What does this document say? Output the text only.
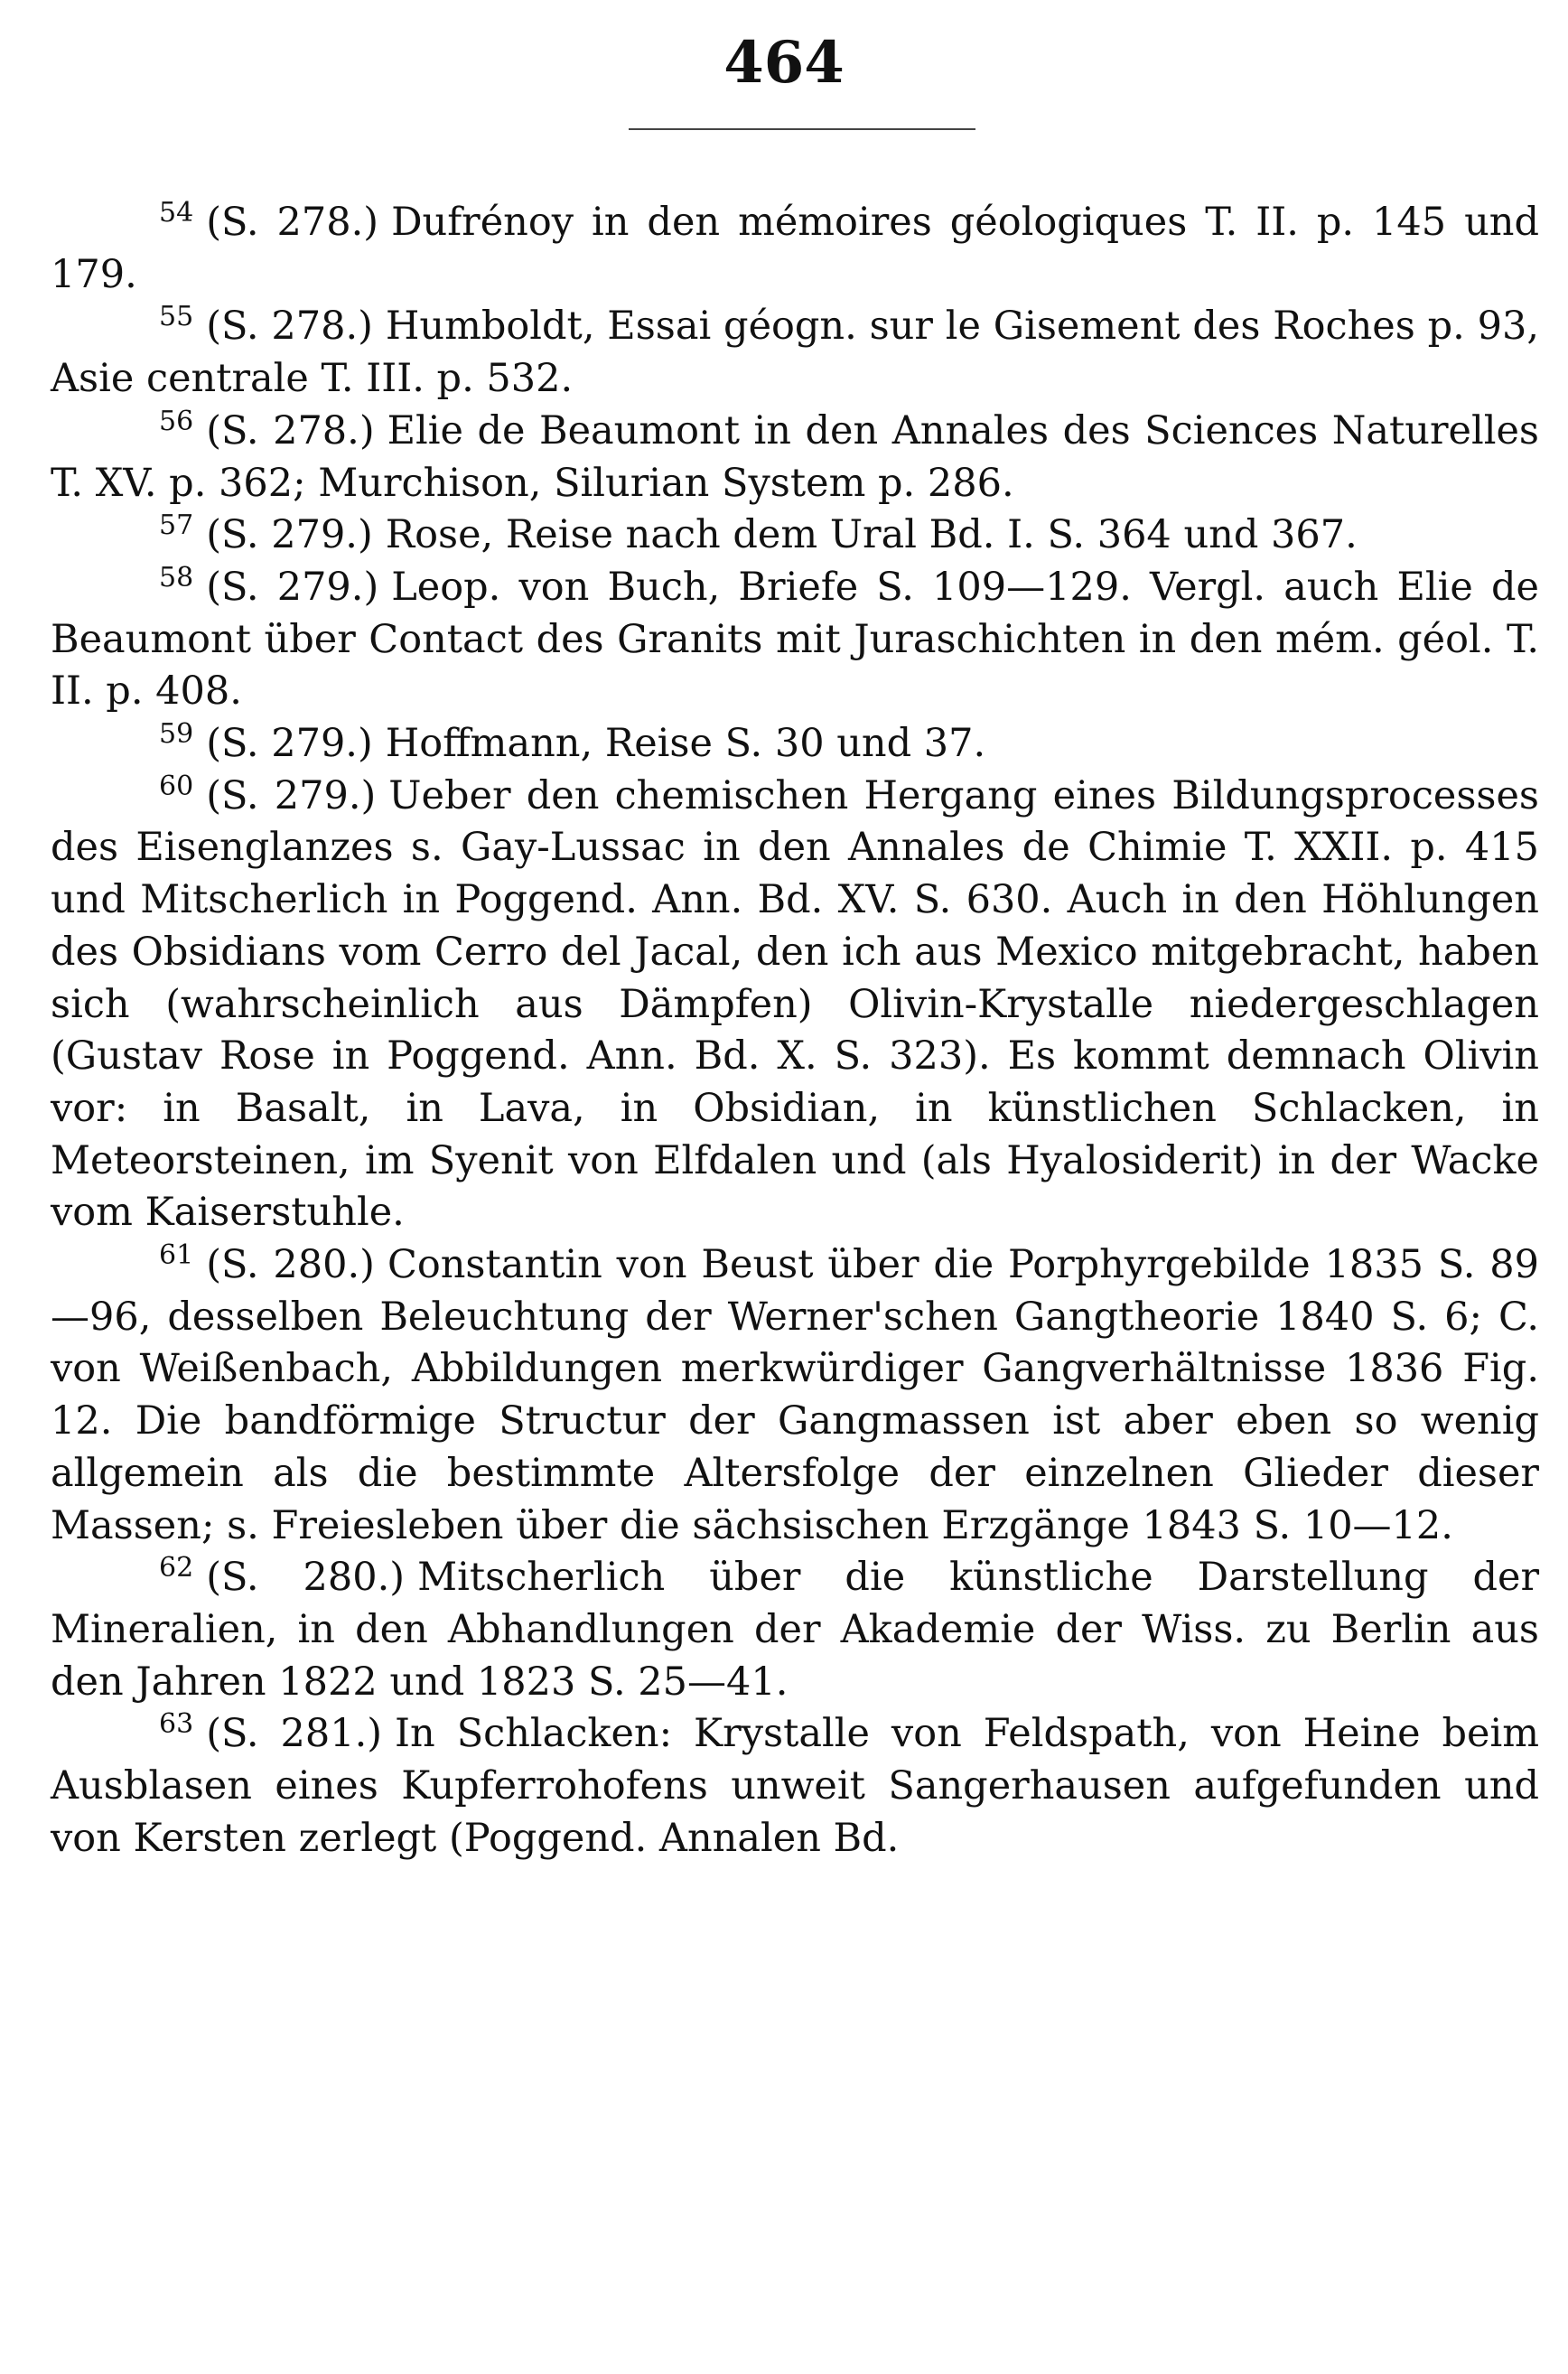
464

$^{54}$ (S. 278.) Dufrénoy in den mémoires géologiques T. II. p. 145 und 179.

$^{55}$ (S. 278.) Humboldt, Essai géogn. sur le Gisement des Roches p. 93, Asie centrale T. III. p. 532.

$^{56}$ (S. 278.) Elie de Beaumont in den Annales des Sciences Naturelles T. XV. p. 362; Murchison, Silurian System p. 286.

$^{57}$ (S. 279.) Rose, Reise nach dem Ural Bd. I. S. 364 und 367.

$^{58}$ (S. 279.) Leop. von Buch, Briefe S. 109—129. Vergl. auch Elie de Beaumont über Contact des Granits mit Juraschichten in den mém. géol. T. II. p. 408.

$^{59}$ (S. 279.) Hoffmann, Reise S. 30 und 37.

$^{60}$ (S. 279.) Ueber den chemischen Hergang eines Bildungsprocesses des Eisenglanzes s. Gay-Lussac in den Annales de Chimie T. XXII. p. 415 und Mitscherlich in Poggend. Ann. Bd. XV. S. 630. Auch in den Höhlungen des Obsidians vom Cerro del Jacal, den ich aus Mexico mitgebracht, haben sich (wahrscheinlich aus Dämpfen) Olivin-Krystalle niedergeschlagen (Gustav Rose in Poggend. Ann. Bd. X. S. 323). Es kommt demnach Olivin vor: in Basalt, in Lava, in Obsidian, in künstlichen Schlacken, in Meteorsteinen, im Syenit von Elfdalen und (als Hyalosiderit) in der Wacke vom Kaiserstuhle.

$^{61}$ (S. 280.) Constantin von Beust über die Porphyrgebilde 1835 S. 89—96, desselben Beleuchtung der Werner'schen Gangtheorie 1840 S. 6; C. von Weißenbach, Abbildungen merkwürdiger Gangverhältnisse 1836 Fig. 12. Die bandförmige Structur der Gangmassen ist aber eben so wenig allgemein als die bestimmte Altersfolge der einzelnen Glieder dieser Massen; s. Freiesleben über die sächsischen Erzgänge 1843 S. 10—12.

$^{62}$ (S. 280.) Mitscherlich über die künstliche Darstellung der Mineralien, in den Abhandlungen der Akademie der Wiss. zu Berlin aus den Jahren 1822 und 1823 S. 25—41.

$^{63}$ (S. 281.) In Schlacken: Krystalle von Feldspath, von Heine beim Ausblasen eines Kupferrohofens unweit Sangerhausen aufgefunden und von Kersten zerlegt (Poggend. Annalen Bd.
